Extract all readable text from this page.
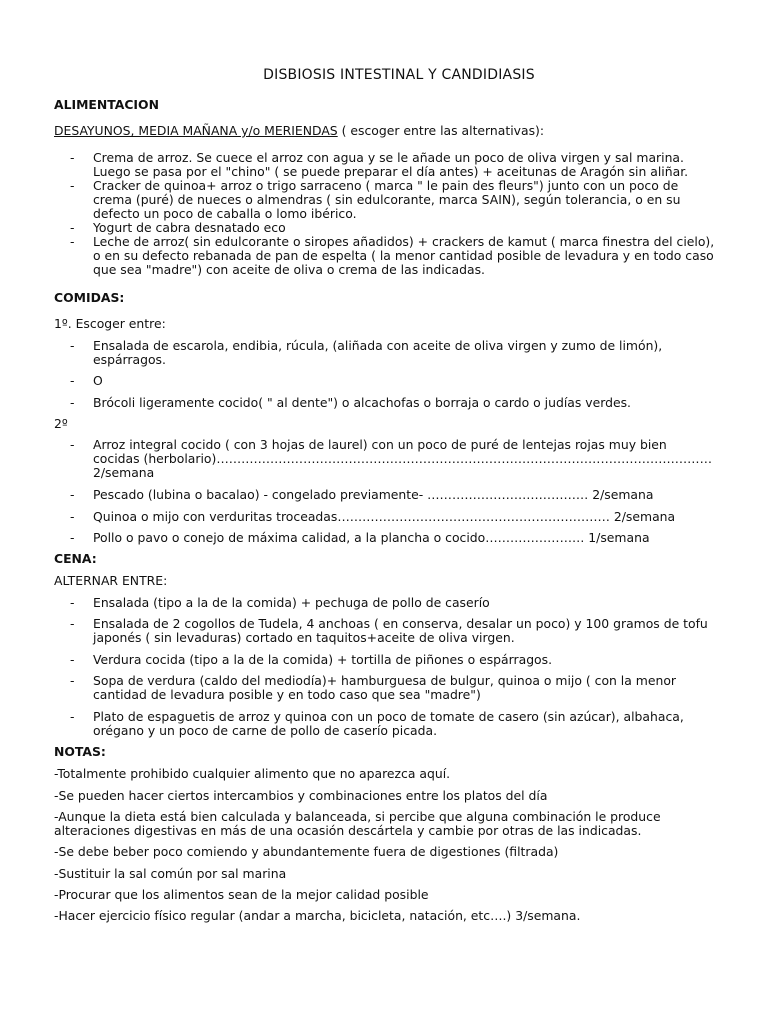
DISBIOSIS INTESTINAL Y CANDIDIASIS
ALIMENTACION
DESAYUNOS, MEDIA MAÑANA y/o MERIENDAS ( escoger entre las alternativas):
-
Crema de arroz. Se cuece el arroz con agua y se le añade un poco de oliva virgen y sal marina.
Luego se pasa por el "chino" ( se puede preparar el día antes) + aceitunas de Aragón sin aliñar.
-
Cracker de quinoa+ arroz o trigo sarraceno ( marca " le pain des fleurs") junto con un poco de
crema (puré) de nueces o almendras ( sin edulcorante, marca SAIN), según tolerancia, o en su
defecto un poco de caballa o lomo ibérico.
-
Yogurt de cabra desnatado eco
-
Leche de arroz( sin edulcorante o siropes añadidos) + crackers de kamut ( marca finestra del cielo),
o en su defecto rebanada de pan de espelta ( la menor cantidad posible de levadura y en todo caso
que sea "madre") con aceite de oliva o crema de las indicadas.
COMIDAS:
1º. Escoger entre:
-
Ensalada de escarola, endibia, rúcula, (aliñada con aceite de oliva virgen y zumo de limón),
espárragos.
-
O
-
Brócoli ligeramente cocido( " al dente") o alcachofas o borraja o cardo o judías verdes.
2º
-
Arroz integral cocido ( con 3 hojas de laurel) con un poco de puré de lentejas rojas muy bien
cocidas (herbolario)…………………………………………………………………………………………………………
2/semana
-
Pescado (lubina o bacalao) - congelado previamente- ………………………………… 2/semana
-
Quinoa o mijo con verduritas troceadas………………………………………………………… 2/semana
-
Pollo o pavo o conejo de máxima calidad, a la plancha o cocido…………………… 1/semana
CENA:
ALTERNAR ENTRE:
-
Ensalada (tipo a la de la comida) + pechuga de pollo de caserío
-
Ensalada de 2 cogollos de Tudela, 4 anchoas ( en conserva, desalar un poco) y 100 gramos de tofu
japonés ( sin levaduras) cortado en taquitos+aceite de oliva virgen.
-
Verdura cocida (tipo a la de la comida) + tortilla de piñones o espárragos.
-
Sopa de verdura (caldo del mediodía)+ hamburguesa de bulgur, quinoa o mijo ( con la menor
cantidad de levadura posible y en todo caso que sea "madre")
-
Plato de espaguetis de arroz y quinoa con un poco de tomate de casero (sin azúcar), albahaca,
orégano y un poco de carne de pollo de caserío picada.
NOTAS:
-Totalmente prohibido cualquier alimento que no aparezca aquí.
-Se pueden hacer ciertos intercambios y combinaciones entre los platos del día
-Aunque la dieta está bien calculada y balanceada, si percibe que alguna combinación le produce
alteraciones digestivas en más de una ocasión descártela y cambie por otras de las indicadas.
-Se debe beber poco comiendo y abundantemente fuera de digestiones (filtrada)
-Sustituir la sal común por sal marina
-Procurar que los alimentos sean de la mejor calidad posible
-Hacer ejercicio físico regular (andar a marcha, bicicleta, natación, etc….) 3/semana.
